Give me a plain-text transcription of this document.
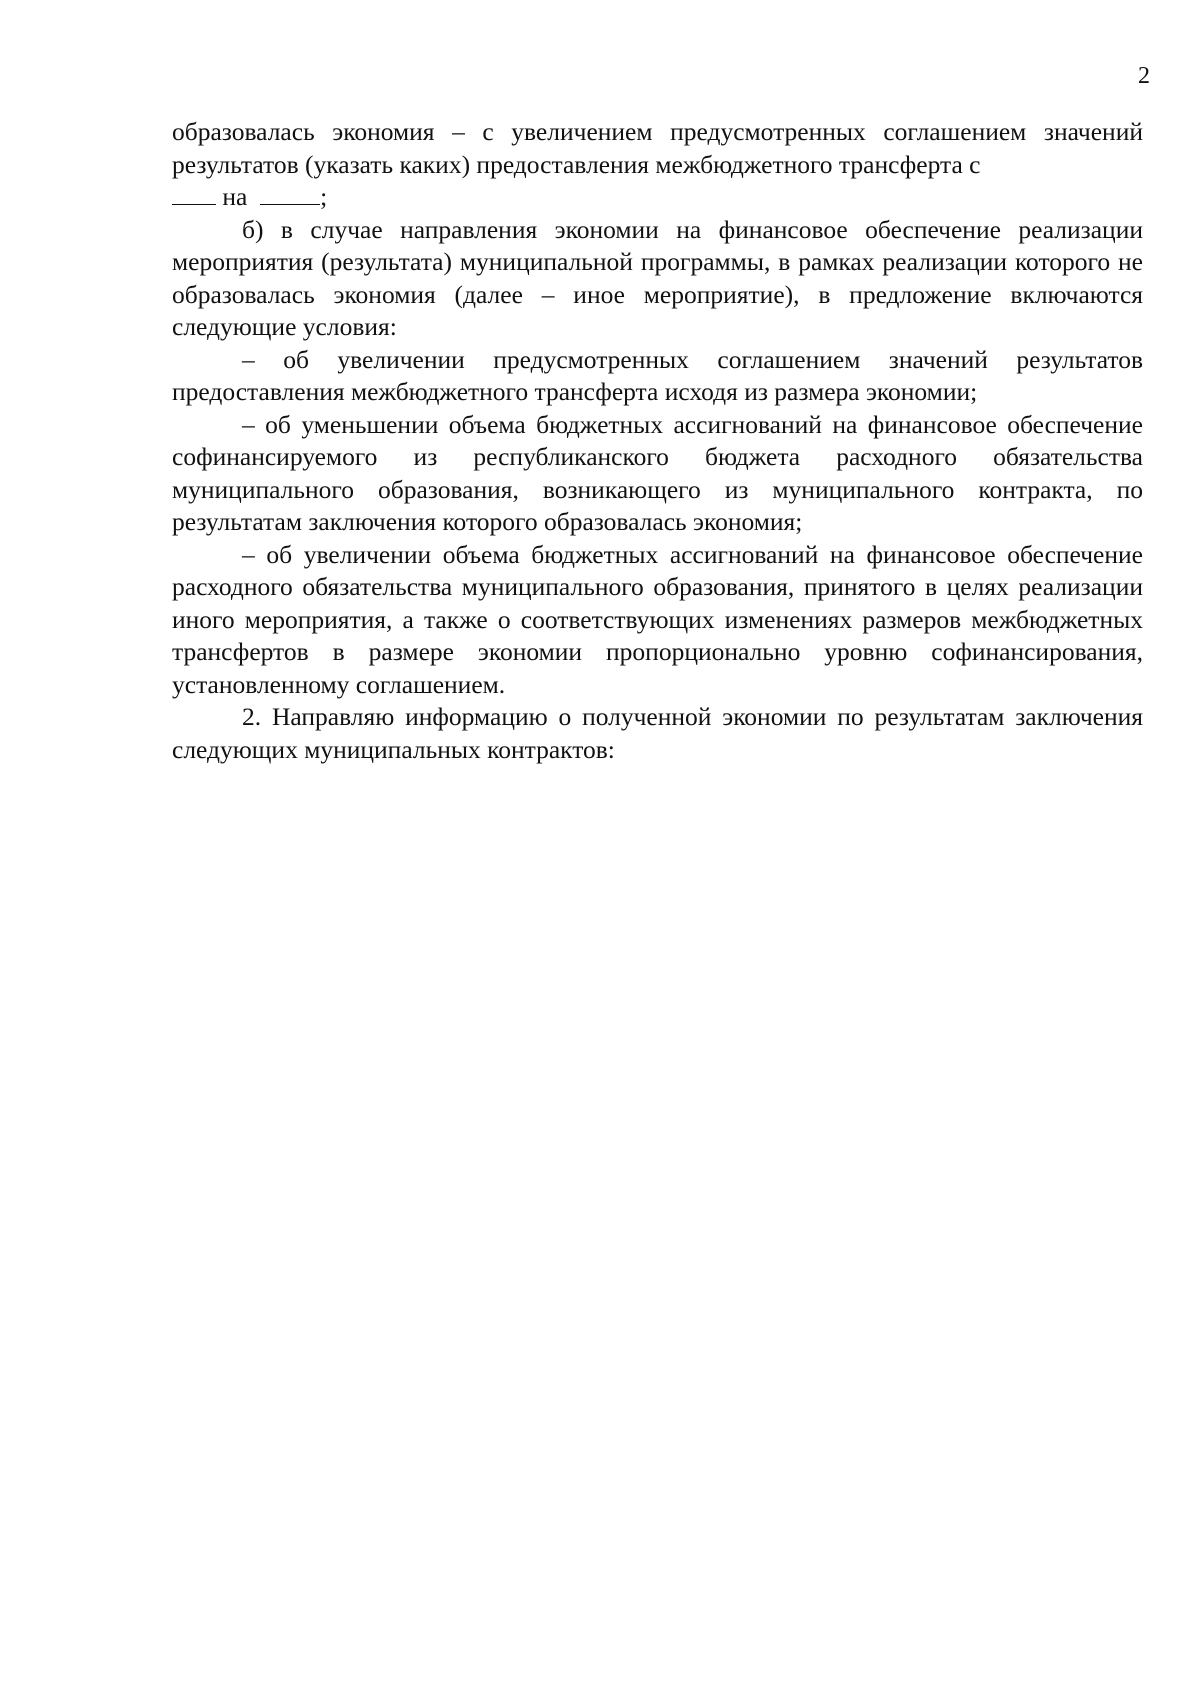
2

образовалась экономия – с увеличением предусмотренных соглашением значений результатов (указать каких) предоставления межбюджетного трансферта с
на	;

б) в случае направления экономии на финансовое обеспечение реализации мероприятия (результата) муниципальной программы, в рамках реализации которого не образовалась экономия (далее – иное мероприятие), в предложение включаются следующие условия:

– об увеличении предусмотренных соглашением значений результатов предоставления межбюджетного трансферта исходя из размера экономии;

– об уменьшении объема бюджетных ассигнований на финансовое обеспечение софинансируемого из республиканского бюджета расходного обязательства муниципального образования, возникающего из муниципального контракта, по результатам заключения которого образовалась экономия;

– об увеличении объема бюджетных ассигнований на финансовое обеспечение расходного обязательства муниципального образования, принятого в целях реализации иного мероприятия, а также о соответствующих изменениях размеров межбюджетных трансфертов в размере экономии пропорционально уровню софинансирования, установленному соглашением.

2. Направляю информацию о полученной экономии по результатам заключения следующих муниципальных контрактов:
